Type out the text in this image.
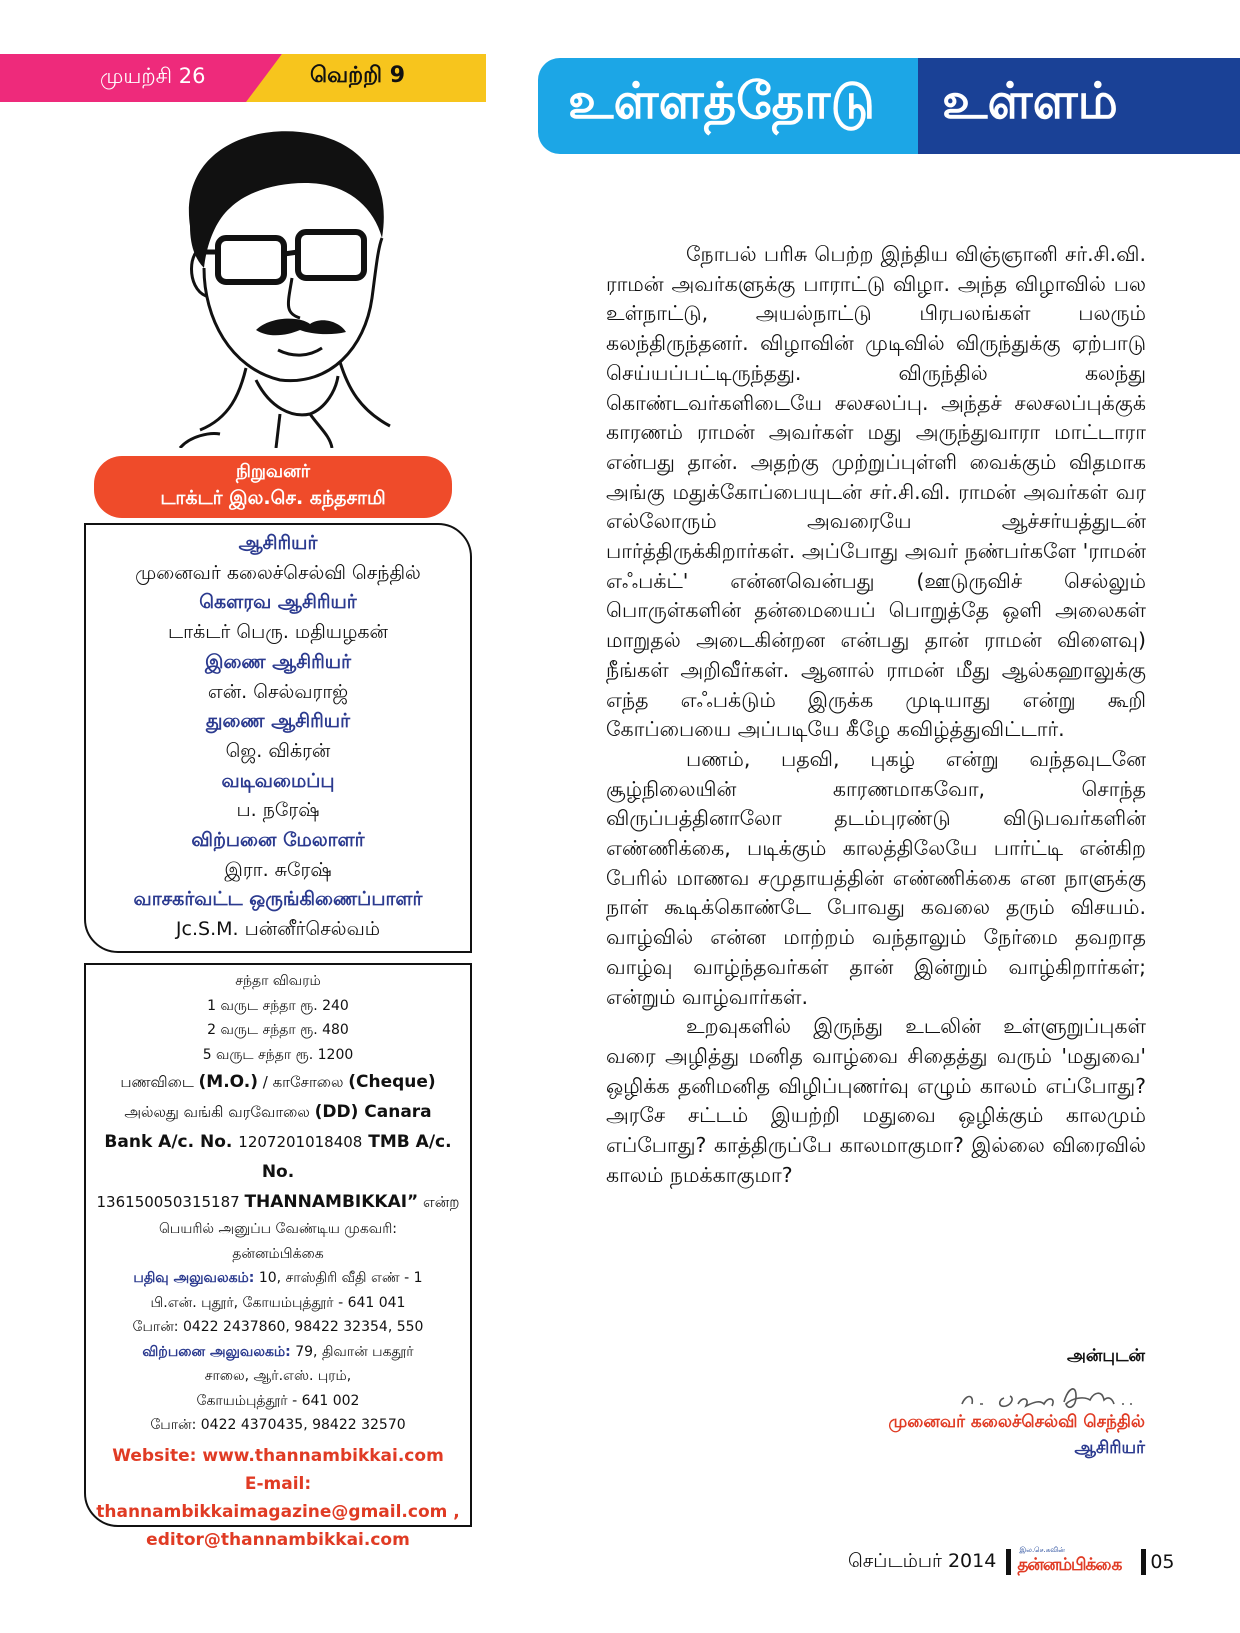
முயற்சி 26	வெற்றி 9	உள்ளத்தோடு உள்ளம்
நிறுவனர்
டாக்டர் இல.செ. கந்தசாமி
ஆசிரியர்
முனைவர் கலைச்செல்வி செந்தில்
கௌரவ ஆசிரியர்
டாக்டர் பெரு. மதியழகன்
இணை ஆசிரியர்
என். செல்வராஜ்
துணை ஆசிரியர்
ஜெ. விக்ரன்
வடிவமைப்பு
ப. நரேஷ்
விற்பனை மேலாளர்
இரா. சுரேஷ்
வாசகர்வட்ட ஒருங்கிணைப்பாளர்
Jc.S.M. பன்னீர்செல்வம்
சந்தா விவரம்
1 வருட சந்தா ரூ. 240
2 வருட சந்தா ரூ. 480
5 வருட சந்தா ரூ. 1200
பணவிடை (M.O.) / காசோலை (Cheque)
அல்லது வங்கி வரவோலை (DD) Canara
Bank A/c. No. 1207201018408 TMB A/c. No.
136150050315187 THANNAMBIKKAI” என்ற
பெயரில் அனுப்ப வேண்டிய முகவரி:
தன்னம்பிக்கை
பதிவு அலுவலகம்: 10, சாஸ்திரி வீதி எண் - 1
பி.என். புதூர், கோயம்புத்தூர் - 641 041
போன்: 0422 2437860, 98422 32354, 550
விற்பனை அலுவலகம்: 79, திவான் பகதூர்
சாலை, ஆர்.எஸ். புரம்,
கோயம்புத்தூர் - 641 002
போன்: 0422 4370435, 98422 32570
Website: www.thannambikkai.com
E-mail:
thannambikkaimagazine@gmail.com ,
editor@thannambikkai.com

நோபல் பரிசு பெற்ற இந்திய விஞ்ஞானி சர்.சி.வி. ராமன் அவர்களுக்கு பாராட்டு விழா. அந்த விழாவில் பல உள்நாட்டு, அயல்நாட்டு பிரபலங்கள் பலரும் கலந்திருந்தனர். விழாவின் முடிவில் விருந்துக்கு ஏற்பாடு செய்யப்பட்டிருந்தது. விருந்தில் கலந்து கொண்டவர்களிடையே சலசலப்பு. அந்தச் சலசலப்புக்குக் காரணம் ராமன் அவர்கள் மது அருந்துவாரா மாட்டாரா என்பது தான். அதற்கு முற்றுப்புள்ளி வைக்கும் விதமாக அங்கு மதுக்கோப்பையுடன் சர்.சி.வி. ராமன் அவர்கள் வர எல்லோரும் அவரையே ஆச்சர்யத்துடன் பார்த்திருக்கிறார்கள். அப்போது அவர் நண்பர்களே 'ராமன் எஃபக்ட்' என்னவென்பது (ஊடுருவிச் செல்லும் பொருள்களின் தன்மையைப் பொறுத்தே ஒளி அலைகள் மாறுதல் அடைகின்றன என்பது தான் ராமன் விளைவு) நீங்கள் அறிவீர்கள். ஆனால் ராமன் மீது ஆல்கஹாலுக்கு எந்த எஃபக்டும் இருக்க முடியாது என்று கூறி கோப்பையை அப்படியே கீழே கவிழ்த்துவிட்டார்.

பணம், பதவி, புகழ் என்று வந்தவுடனே சூழ்நிலையின் காரணமாகவோ, சொந்த விருப்பத்தினாலோ தடம்புரண்டு விடுபவர்களின் எண்ணிக்கை, படிக்கும் காலத்திலேயே பார்ட்டி என்கிற பேரில் மாணவ சமுதாயத்தின் எண்ணிக்கை என நாளுக்கு நாள் கூடிக்கொண்டே போவது கவலை தரும் விசயம். வாழ்வில் என்ன மாற்றம் வந்தாலும் நேர்மை தவறாத வாழ்வு வாழ்ந்தவர்கள் தான் இன்றும் வாழ்கிறார்கள்; என்றும் வாழ்வார்கள்.

உறவுகளில் இருந்து உடலின் உள்ளுறுப்புகள் வரை அழித்து மனித வாழ்வை சிதைத்து வரும் 'மதுவை' ஒழிக்க தனிமனித விழிப்புணர்வு எழும் காலம் எப்போது? அரசே சட்டம் இயற்றி மதுவை ஒழிக்கும் காலமும் எப்போது? காத்திருப்பே காலமாகுமா? இல்லை விரைவில் காலம் நமக்காகுமா?

அன்புடன்
முனைவர் கலைச்செல்வி செந்தில்
ஆசிரியர்
செப்டம்பர் 2014	இல.செ.கவின்
தன்னம்பிக்கை 05
